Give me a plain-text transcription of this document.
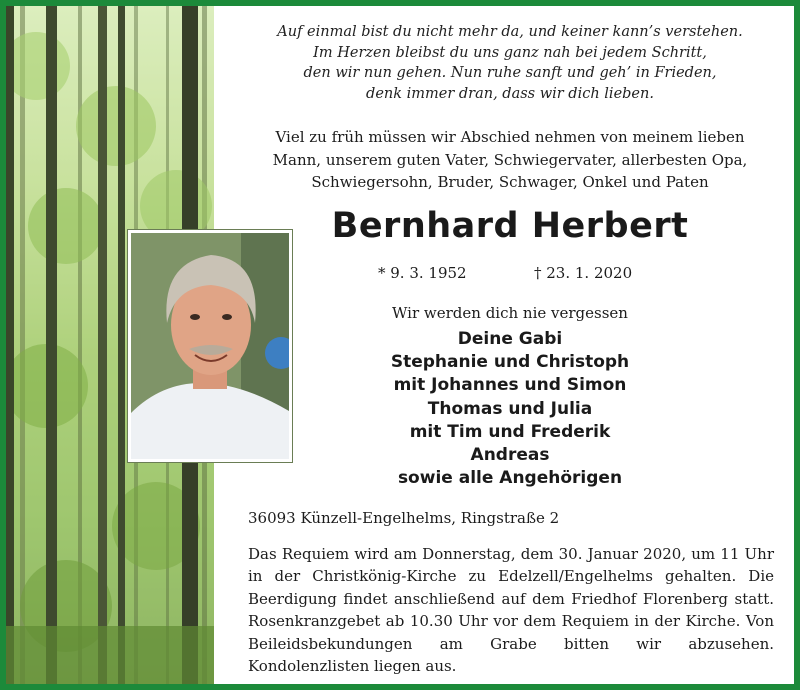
Auf einmal bist du nicht mehr da, und keiner kann’s verstehen.
Im Herzen bleibst du uns ganz nah bei jedem Schritt,
den wir nun gehen. Nun ruhe sanft und geh’ in Frieden,
denk immer dran, dass wir dich lieben.

Viel zu früh müssen wir Abschied nehmen von meinem lieben
Mann, unserem guten Vater, Schwiegervater, allerbesten Opa,
Schwiegersohn, Bruder, Schwager, Onkel und Paten

Bernhard Herbert
* 9. 3. 1952	† 23. 1. 2020
Wir werden dich nie vergessen
Deine Gabi
Stephanie und Christoph
mit Johannes und Simon
Thomas und Julia
mit Tim und Frederik
Andreas
sowie alle Angehörigen
36093 Künzell-Engelhelms, Ringstraße 2

Das Requiem wird am Donnerstag, dem 30. Januar 2020, um 11 Uhr in der Christkönig-Kirche zu Edelzell/Engelhelms gehalten. Die Beerdigung findet anschließend auf dem Friedhof Florenberg statt. Rosenkranzgebet ab 10.30 Uhr vor dem Requiem in der Kirche. Von Beileidsbekundungen am Grabe bitten wir abzusehen. Kondolenzlisten liegen aus.
